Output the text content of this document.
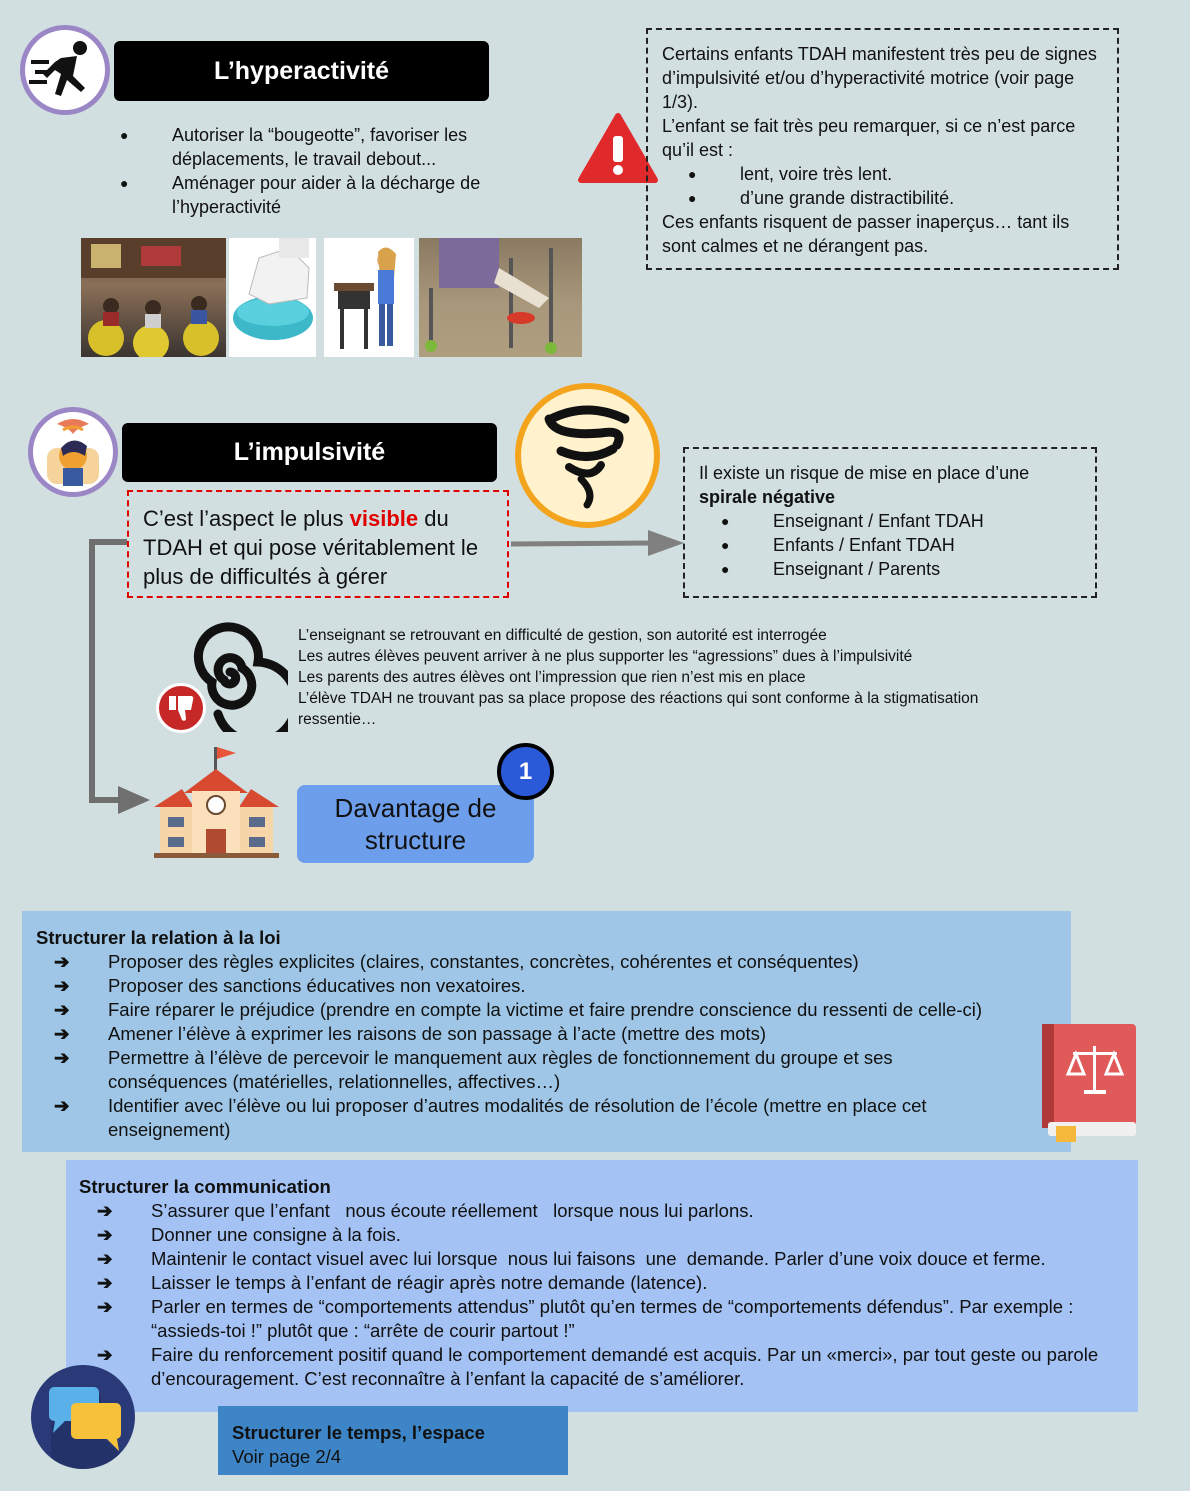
L’hyperactivité
● Autoriser la “bougeotte”, favoriser les déplacements, le travail debout...
● Aménager pour aider à la décharge de l’hyperactivité
Certains enfants TDAH manifestent très peu de signes d’impulsivité et/ou d’hyperactivité motrice (voir page 1/3).
L’enfant se fait très peu remarquer, si ce n’est parce qu’il est :
● lent, voire très lent.
● d’une grande distractibilité.
Ces enfants risquent de passer inaperçus… tant ils sont calmes et ne dérangent pas.
L’impulsivité
C’est l’aspect le plus visible du TDAH et qui pose véritablement le plus de difficultés à gérer
Il existe un risque de mise en place d’une
spirale négative
● Enseignant / Enfant TDAH
● Enfants / Enfant TDAH
● Enseignant / Parents
L’enseignant se retrouvant en difficulté de gestion, son autorité est interrogée
Les autres élèves peuvent arriver à ne plus supporter les “agressions” dues à l’impulsivité
Les parents des autres élèves ont l’impression que rien n’est mis en place
L’élève TDAH ne trouvant pas sa place propose des réactions qui sont conforme à la stigmatisation ressentie…
Davantage de structure
1
Structurer la relation à la loi
➔ Proposer des règles explicites (claires, constantes, concrètes, cohérentes et conséquentes)
➔ Proposer des sanctions éducatives non vexatoires.
➔ Faire réparer le préjudice (prendre en compte la victime et faire prendre conscience du ressenti de celle-ci)
➔ Amener l’élève à exprimer les raisons de son passage à l’acte (mettre des mots)
➔ Permettre à l’élève de percevoir le manquement aux règles de fonctionnement du groupe et ses conséquences (matérielles, relationnelles, affectives…)
➔ Identifier avec l’élève ou lui proposer d’autres modalités de résolution de l’école (mettre en place cet enseignement)
Structurer la communication
➔ S’assurer que l’enfant   nous écoute réellement   lorsque nous lui parlons.
➔ Donner une consigne à la fois.
➔ Maintenir le contact visuel avec lui lorsque  nous lui faisons  une  demande. Parler d’une voix douce et ferme.
➔ Laisser le temps à l’enfant de réagir après notre demande (latence).
➔ Parler en termes de “comportements attendus” plutôt qu’en termes de “comportements défendus”. Par exemple : “assieds-toi !” plutôt que : “arrête de courir partout !”
➔ Faire du renforcement positif quand le comportement demandé est acquis. Par un «merci», par tout geste ou parole d’encouragement. C’est reconnaître à l’enfant la capacité de s’améliorer.
Structurer le temps, l’espace
Voir page 2/4
